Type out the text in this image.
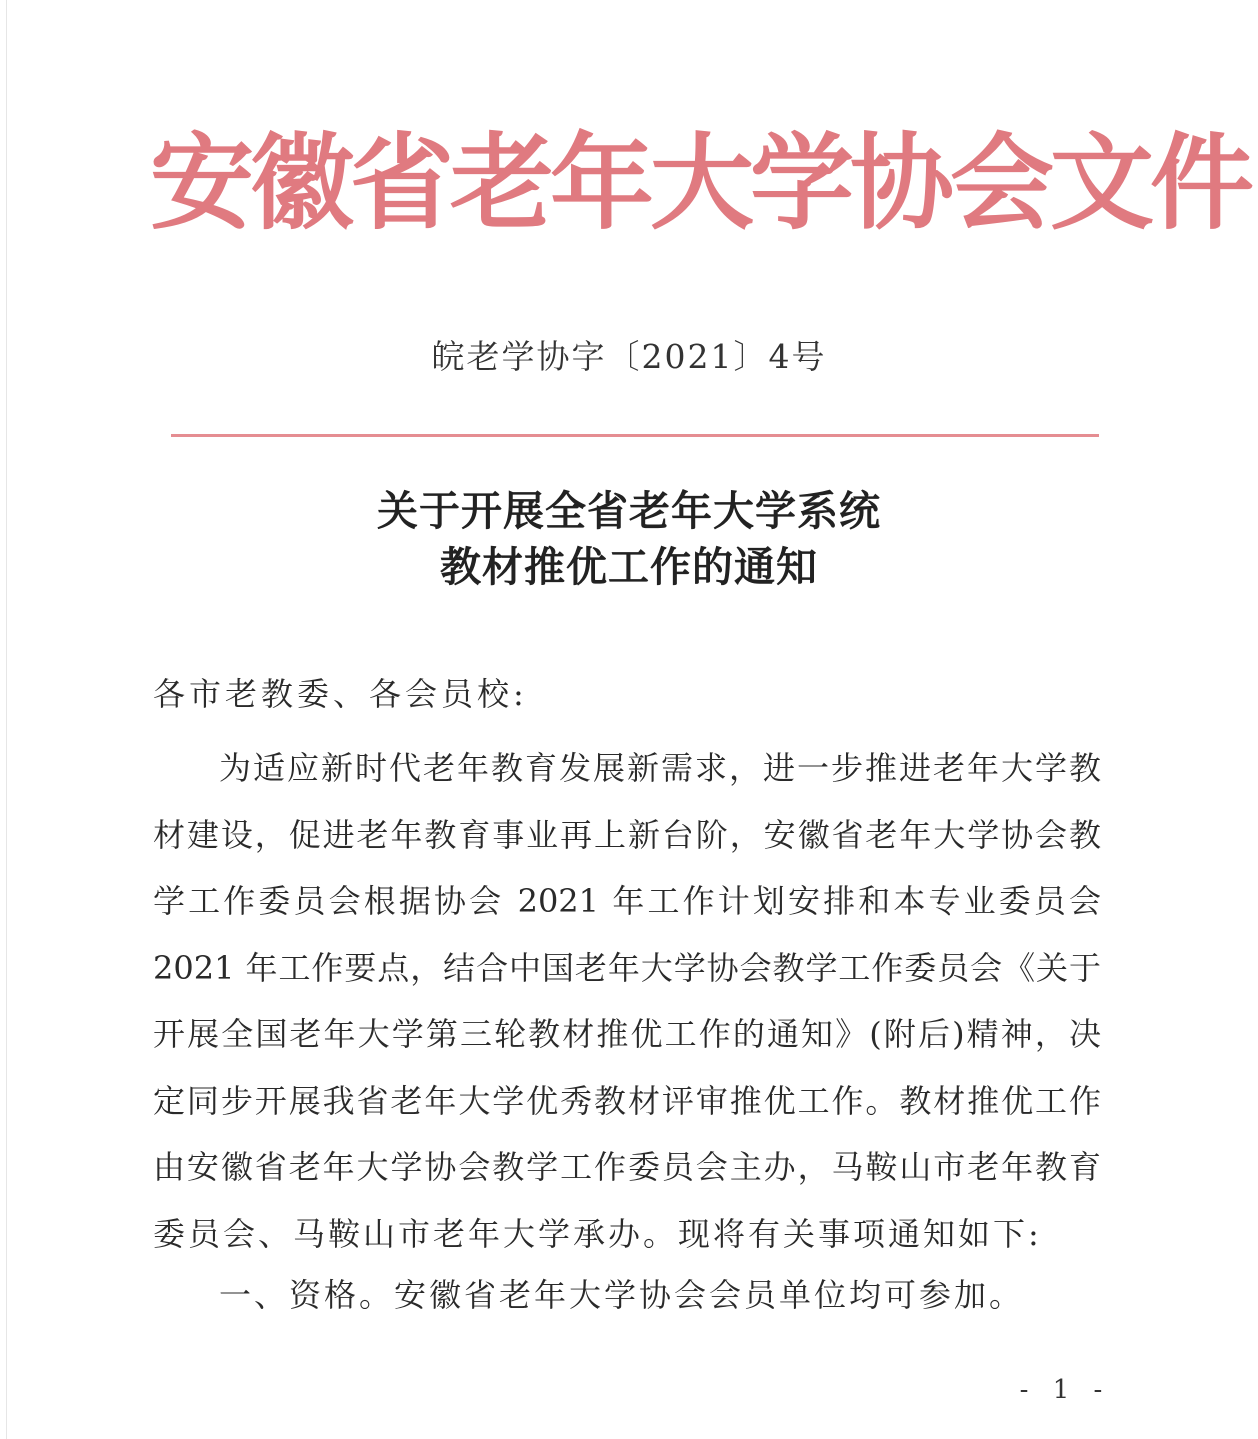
安徽省老年大学协会文件
皖老学协字〔2021〕4号
关于开展全省老年大学系统
教材推优工作的通知
各市老教委、各会员校:
为适应新时代老年教育发展新需求，进一步推进老年大学教
材建设，促进老年教育事业再上新台阶，安徽省老年大学协会教
学工作委员会根据协会 2021 年工作计划安排和本专业委员会
2021 年工作要点，结合中国老年大学协会教学工作委员会《关于
开展全国老年大学第三轮教材推优工作的通知》(附后)精神，决
定同步开展我省老年大学优秀教材评审推优工作。教材推优工作
由安徽省老年大学协会教学工作委员会主办，马鞍山市老年教育
委员会、马鞍山市老年大学承办。现将有关事项通知如下:
一、资格。安徽省老年大学协会会员单位均可参加。
- 1 -
